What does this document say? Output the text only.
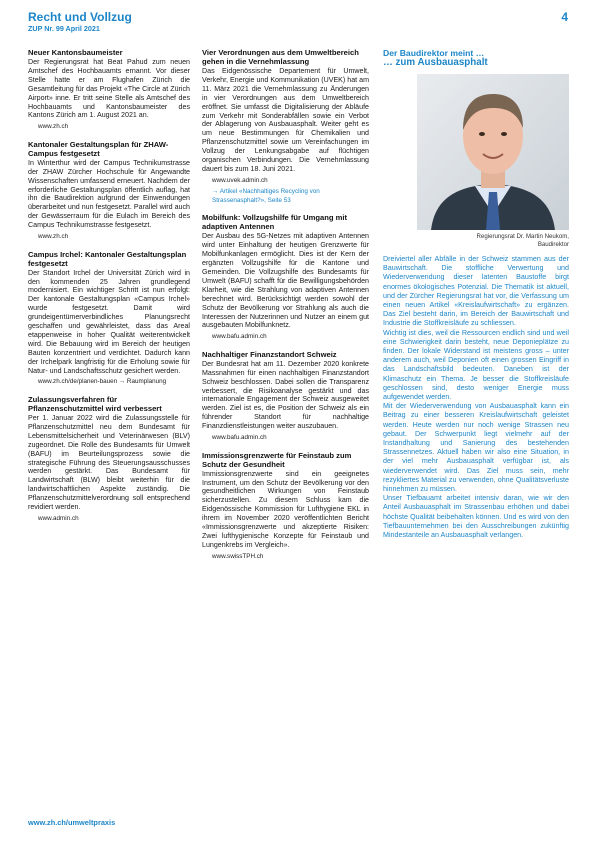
Recht und Vollzug
ZUP Nr. 99 April 2021
4
Neuer Kantonsbaumeister

Der Regierungsrat hat Beat Pahud zum neuen Amtschef des Hochbauamts ernannt. Vor dieser Stelle hatte er am Flughafen Zürich die Gesamtleitung für das Projekt «The Circle at Zürich Airport» inne. Er tritt seine Stelle als Amtschef des Hochbauamts und Kantonsbaumeister des Kantons Zürich am 1. August 2021 an.

www.zh.ch
Kantonaler Gestaltungsplan für ZHAW-Campus festgesetzt

In Winterthur wird der Campus Technikumstrasse der ZHAW Zürcher Hochschule für Angewandte Wissenschaften umfassend erneuert. Nachdem der erforderliche Gestaltungsplan öffentlich auflag, hat ihn die Baudirektion aufgrund der Einwendungen überarbeitet und nun festgesetzt. Parallel wird auch der Gewässerraum für die Eulach im Bereich des Campus Technikumstrasse festgesetzt.

www.zh.ch
Campus Irchel: Kantonaler Gestaltungsplan festgesetzt

Der Standort Irchel der Universität Zürich wird in den kommenden 25 Jahren grundlegend modernisiert. Ein wichtiger Schritt ist nun erfolgt: Der kantonale Gestaltungsplan «Campus Irchel» wurde festgesetzt. Damit wird grundeigentümerverbindliches Planungsrecht geschaffen und gewährleistet, dass das Areal etappenweise in hoher Qualität weiterentwickelt wird. Die Bebauung wird im Bereich der heutigen Bauten konzentriert und verdichtet. Dadurch kann der Irchelpark langfristig für die Erholung sowie für Natur- und Landschaftsschutz gesichert werden.

www.zh.ch/de/planen-bauen → Raumplanung
Zulassungsverfahren für Pflanzenschutzmittel wird verbessert

Per 1. Januar 2022 wird die Zulassungsstelle für Pflanzenschutzmittel neu dem Bundesamt für Lebensmittelsicherheit und Veterinärwesen (BLV) zugeordnet. Die Rolle des Bundesamts für Umwelt (BAFU) im Beurteilungsprozess sowie die strategische Führung des Steuerungsausschusses werden gestärkt. Das Bundesamt für Landwirtschaft (BLW) bleibt weiterhin für die landwirtschaftlichen Aspekte zuständig. Die Pflanzenschutzmittelverordnung soll entsprechend revidiert werden.

www.admin.ch
Vier Verordnungen aus dem Umweltbereich gehen in die Vernehmlassung

Das Eidgenössische Departement für Umwelt, Verkehr, Energie und Kommunikation (UVEK) hat am 11. März 2021 die Vernehmlassung zu Änderungen in vier Verordnungen aus dem Umweltbereich eröffnet. Sie umfasst die Digitalisierung der Abläufe zum Verkehr mit Sonderabfällen sowie ein Verbot der Ablagerung von Ausbauasphalt. Weiter geht es um neue Bestimmungen für Chemikalien und Pflanzenschutzmittel sowie um Vereinfachungen im Vollzug der Lenkungsabgabe auf flüchtigen organischen Verbindungen. Die Vernehmlassung dauert bis zum 18. Juni 2021.

www.uvek.admin.ch
→ Artikel «Nachhaltiges Recycling von Strassenasphalt?», Seite 53
Mobilfunk: Vollzugshilfe für Umgang mit adaptiven Antennen

Der Ausbau des 5G-Netzes mit adaptiven Antennen wird unter Einhaltung der heutigen Grenzwerte für Mobilfunkanlagen ermöglicht. Dies ist der Kern der ergänzten Vollzugshilfe für die Kantone und Gemeinden. Die Vollzugshilfe des Bundesamts für Umwelt (BAFU) schafft für die Bewilligungsbehörden Klarheit, wie die Strahlung von adaptiven Antennen berechnet wird. Berücksichtigt werden sowohl der Schutz der Bevölkerung vor Strahlung als auch die Interessen der Nutzerinnen und Nutzer an einem gut ausgebauten Mobilfunknetz.

www.bafu.admin.ch
Nachhaltiger Finanzstandort Schweiz

Der Bundesrat hat am 11. Dezember 2020 konkrete Massnahmen für einen nachhaltigen Finanzstandort Schweiz beschlossen. Dabei sollen die Transparenz verbessert, die Risikoanalyse gestärkt und das internationale Engagement der Schweiz ausgeweitet werden. Ziel ist es, die Position der Schweiz als ein führender Standort für nachhaltige Finanzdienstleistungen weiter auszubauen.

www.bafu.admin.ch
Immissionsgrenzwerte für Feinstaub zum Schutz der Gesundheit

Immissionsgrenzwerte sind ein geeignetes Instrument, um den Schutz der Bevölkerung vor den gesundheitlichen Wirkungen von Feinstaub sicherzustellen. Zu diesem Schluss kam die Eidgenössische Kommission für Lufthygiene EKL in ihrem im November 2020 veröffentlichten Bericht «Immissionsgrenzwerte und akzeptierte Risiken: Zwei lufthygienische Konzepte für Feinstaub und Lungenkrebs im Vergleich».

www.swissTPH.ch
Der Baudirektor meint …
… zum Ausbauasphalt
Regierungsrat Dr. Martin Neukom,
Baudirektor

Dreiviertel aller Abfälle in der Schweiz stammen aus der Bauwirtschaft. Die stoffliche Verwertung und Wiederverwendung dieser latenten Baustoffe birgt enormes ökologisches Potenzial. Die Thematik ist aktuell, und der Zürcher Regierungsrat hat vor, die Verfassung um einen neuen Artikel «Kreislaufwirtschaft» zu ergänzen. Das Ziel besteht darin, im Bereich der Bauwirtschaft und Industrie die Stoffkreisläufe zu schliessen.

Wichtig ist dies, weil die Ressourcen endlich sind und weil eine Schwierigkeit darin besteht, neue Deponieplätze zu finden. Der lokale Widerstand ist meistens gross – unter anderem auch, weil Deponien oft einen grossen Eingriff in das Landschaftsbild bedeuten. Daneben ist der Klimaschutz ein Thema. Je besser die Stoffkreisläufe geschlossen sind, desto weniger Energie muss aufgewendet werden.

Mit der Wiederverwendung von Ausbauasphalt kann ein Beitrag zu einer besseren Kreislaufwirtschaft geleistet werden. Heute werden nur noch wenige Strassen neu gebaut. Der Schwerpunkt liegt vielmehr auf der Instandhaltung und Sanierung des bestehenden Strassennetzes. Aktuell haben wir also eine Situation, in der viel mehr Ausbauasphalt verfügbar ist, als wiederverwendet wird. Das Ziel muss sein, mehr rezykliertes Material zu verwenden, ohne Qualitätsverluste hinnehmen zu müssen.

Unser Tiefbauamt arbeitet intensiv daran, wie wir den Anteil Ausbauasphalt im Strassenbau erhöhen und dabei höchste Qualität beibehalten können. Und es wird von den Tiefbauunternehmen bei den Ausschreibungen zukünftig Mindestanteile an Ausbauasphalt verlangen.

www.zh.ch/umweltpraxis
